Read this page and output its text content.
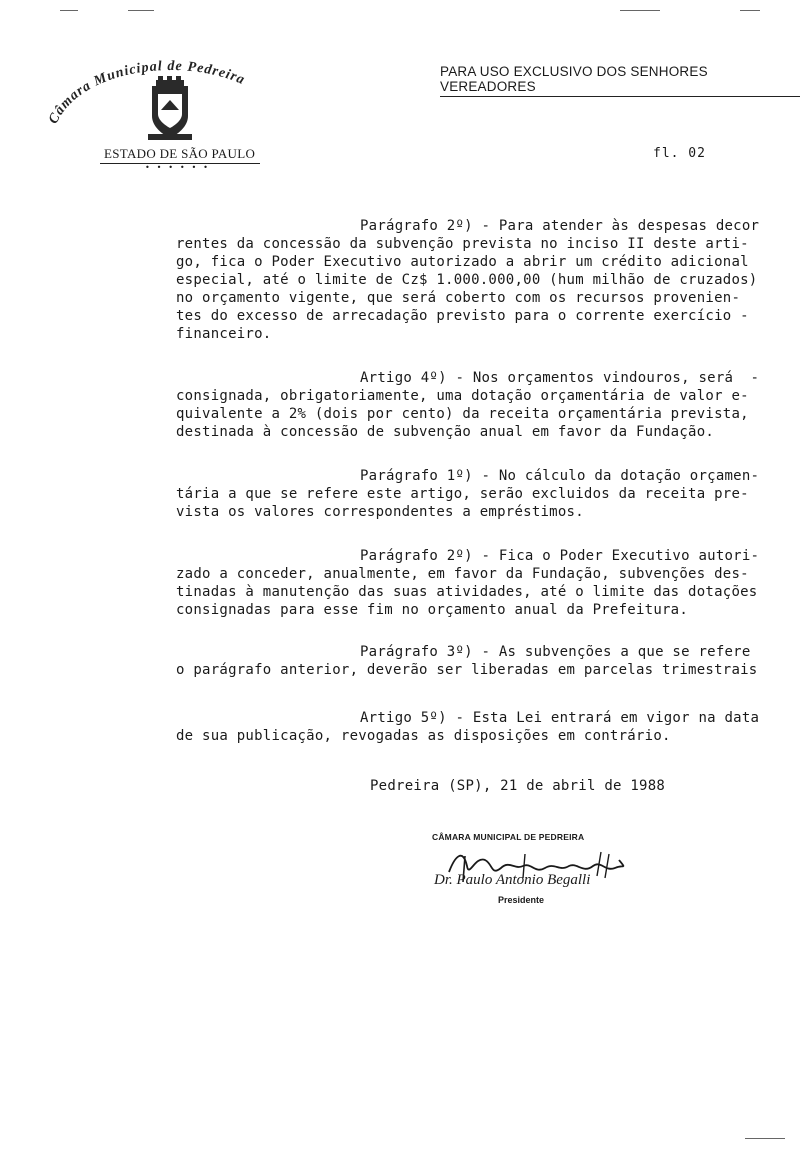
Câmara Municipal de Pedreira
ESTADO DE SÃO PAULO
• • • • • •
PARA USO EXCLUSIVO DOS SENHORES VEREADORES
fl. 02
Parágrafo 2º) - Para atender às despesas decor
rentes da concessão da subvenção prevista no inciso II deste arti-
go, fica o Poder Executivo autorizado a abrir um crédito adicional
especial, até o limite de Cz$ 1.000.000,00 (hum milhão de cruzados)
no orçamento vigente, que será coberto com os recursos provenien-
tes do excesso de arrecadação previsto para o corrente exercício -
financeiro.
Artigo 4º) - Nos orçamentos vindouros, será  -
consignada, obrigatoriamente, uma dotação orçamentária de valor e-
quivalente a 2% (dois por cento) da receita orçamentária prevista,
destinada à concessão de subvenção anual em favor da Fundação.
Parágrafo 1º) - No cálculo da dotação orçamen-
tária a que se refere este artigo, serão excluidos da receita pre-
vista os valores correspondentes a empréstimos.
Parágrafo 2º) - Fica o Poder Executivo autori-
zado a conceder, anualmente, em favor da Fundação, subvenções des-
tinadas à manutenção das suas atividades, até o limite das dotações
consignadas para esse fim no orçamento anual da Prefeitura.
Parágrafo 3º) - As subvenções a que se refere
o parágrafo anterior, deverão ser liberadas em parcelas trimestrais
Artigo 5º) - Esta Lei entrará em vigor na data
de sua publicação, revogadas as disposições em contrário.
Pedreira (SP), 21 de abril de 1988
CÂMARA MUNICIPAL DE PEDREIRA
Dr. Paulo Antonio Begalli
Presidente
